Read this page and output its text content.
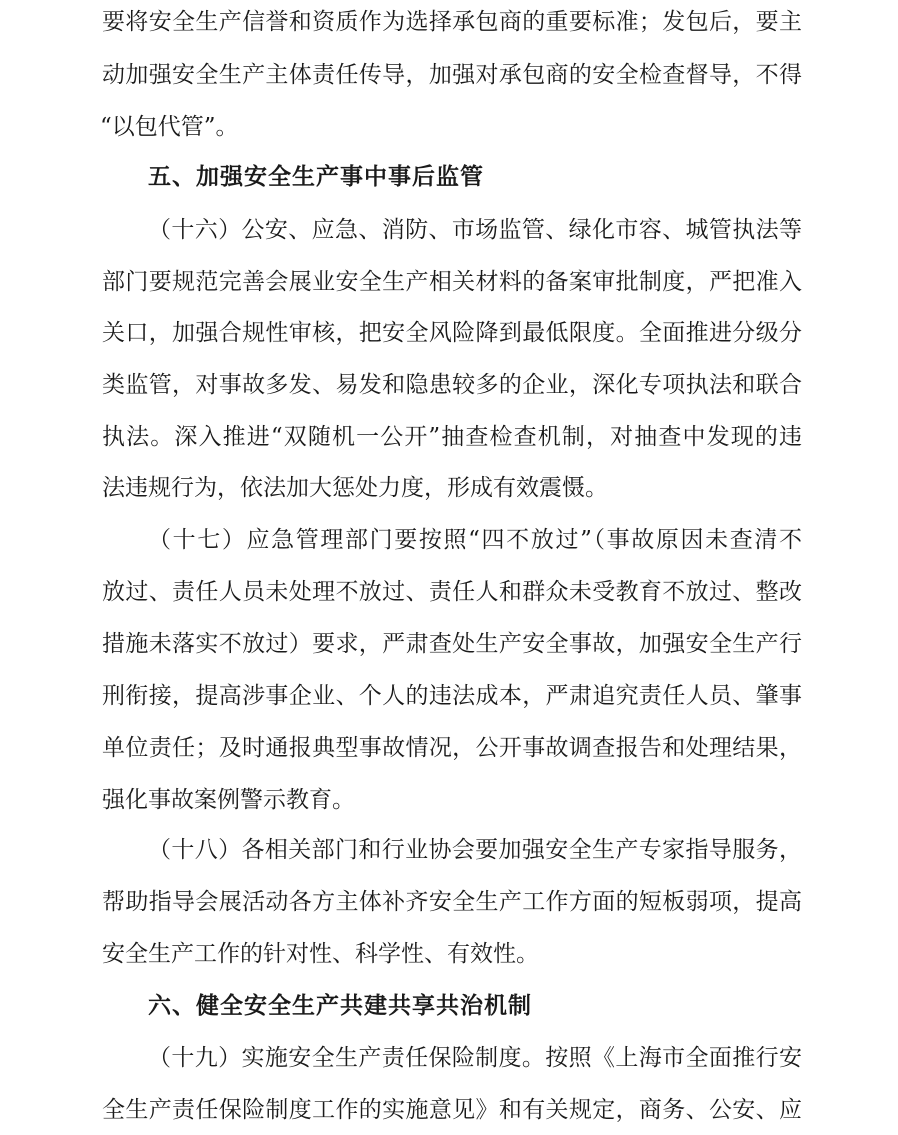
要将安全生产信誉和资质作为选择承包商的重要标准；发包后，要主
动加强安全生产主体责任传导，加强对承包商的安全检查督导，不得
“以包代管”。
五、加强安全生产事中事后监管
（十六）公安、应急、消防、市场监管、绿化市容、城管执法等
部门要规范完善会展业安全生产相关材料的备案审批制度，严把准入
关口，加强合规性审核，把安全风险降到最低限度。全面推进分级分
类监管，对事故多发、易发和隐患较多的企业，深化专项执法和联合
执法。深入推进“双随机一公开”抽查检查机制，对抽查中发现的违
法违规行为，依法加大惩处力度，形成有效震慑。
（十七）应急管理部门要按照“四不放过”（事故原因未查清不
放过、责任人员未处理不放过、责任人和群众未受教育不放过、整改
措施未落实不放过）要求，严肃查处生产安全事故，加强安全生产行
刑衔接，提高涉事企业、个人的违法成本，严肃追究责任人员、肇事
单位责任；及时通报典型事故情况，公开事故调查报告和处理结果，
强化事故案例警示教育。
（十八）各相关部门和行业协会要加强安全生产专家指导服务，
帮助指导会展活动各方主体补齐安全生产工作方面的短板弱项，提高
安全生产工作的针对性、科学性、有效性。
六、健全安全生产共建共享共治机制
（十九）实施安全生产责任保险制度。按照《上海市全面推行安
全生产责任保险制度工作的实施意见》和有关规定，商务、公安、应
